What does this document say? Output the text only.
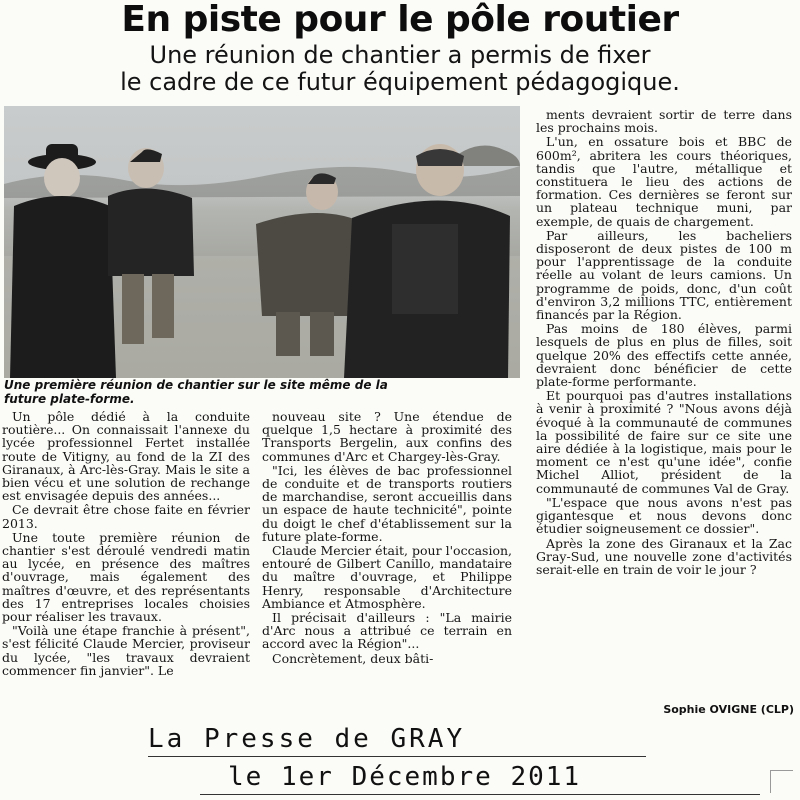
En piste pour le pôle routier
Une réunion de chantier a permis de fixer
le cadre de ce futur équipement pédagogique.
Une première réunion de chantier sur le site même de la
future plate-forme.

Un pôle dédié à la conduite routière... On connaissait l'annexe du lycée professionnel Fertet installée route de Vitigny, au fond de la ZI des Giranaux, à Arc-lès-Gray. Mais le site a bien vécu et une solution de rechange est envisagée depuis des années...

Ce devrait être chose faite en février 2013.

Une toute première réunion de chantier s'est déroulé vendredi matin au lycée, en présence des maîtres d'ouvrage, mais également des maîtres d'œuvre, et des représentants des 17 entreprises locales choisies pour réaliser les travaux.

"Voilà une étape franchie à présent", s'est félicité Claude Mercier, proviseur du lycée, "les travaux devraient commencer fin janvier". Le

nouveau site ? Une étendue de quelque 1,5 hectare à proximité des Transports Bergelin, aux confins des communes d'Arc et Chargey-lès-Gray.

"Ici, les élèves de bac professionnel de conduite et de transports routiers de marchandise, seront accueillis dans un espace de haute technicité", pointe du doigt le chef d'établissement sur la future plate-forme.

Claude Mercier était, pour l'occasion, entouré de Gilbert Canillo, mandataire du maître d'ouvrage, et Philippe Henry, responsable d'Architecture Ambiance et Atmosphère.

Il précisait d'ailleurs : "La mairie d'Arc nous a attribué ce terrain en accord avec la Région"...

Concrètement, deux bâti-

ments devraient sortir de terre dans les prochains mois.

L'un, en ossature bois et BBC de 600m², abritera les cours théoriques, tandis que l'autre, métallique et constituera le lieu des actions de formation. Ces dernières se feront sur un plateau technique muni, par exemple, de quais de chargement.

Par ailleurs, les bacheliers disposeront de deux pistes de 100 m pour l'apprentissage de la conduite réelle au volant de leurs camions. Un programme de poids, donc, d'un coût d'environ 3,2 millions TTC, entièrement financés par la Région.

Pas moins de 180 élèves, parmi lesquels de plus en plus de filles, soit quelque 20% des effectifs cette année, devraient donc bénéficier de cette plate-forme performante.

Et pourquoi pas d'autres installations à venir à proximité ? "Nous avons déjà évoqué à la communauté de communes la possibilité de faire sur ce site une aire dédiée à la logistique, mais pour le moment ce n'est qu'une idée", confie Michel Alliot, président de la communauté de communes Val de Gray.

"L'espace que nous avons n'est pas gigantesque et nous devons donc étudier soigneusement ce dossier".

Après la zone des Giranaux et la Zac Gray-Sud, une nouvelle zone d'activités serait-elle en train de voir le jour ?

Sophie OVIGNE (CLP)
La Presse de GRAY
le 1er Décembre 2011
